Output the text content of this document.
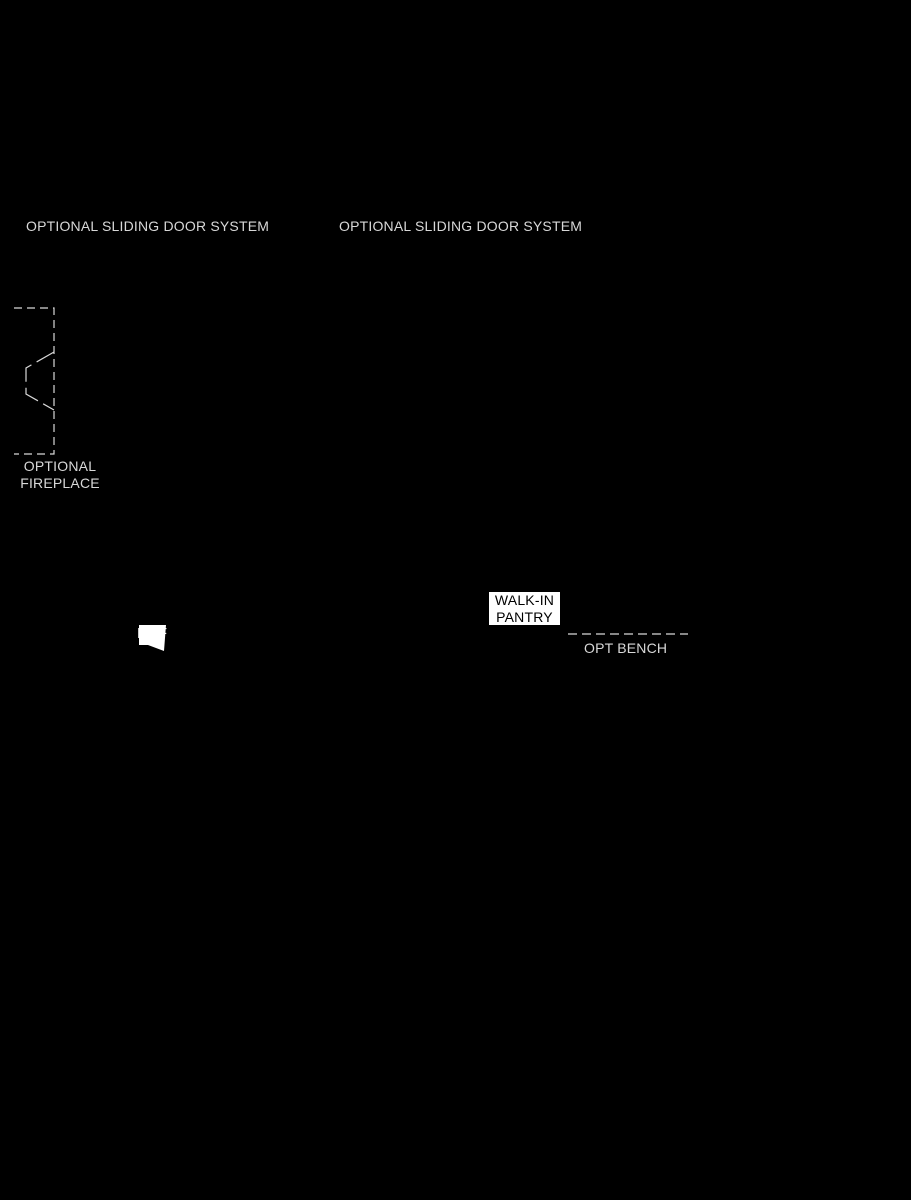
OPTIONAL SLIDING DOOR SYSTEM	OPTIONAL SLIDING DOOR SYSTEM
OPTIONAL
FIREPLACE
DEF
WALK-IN
PANTRY
OPT BENCH
